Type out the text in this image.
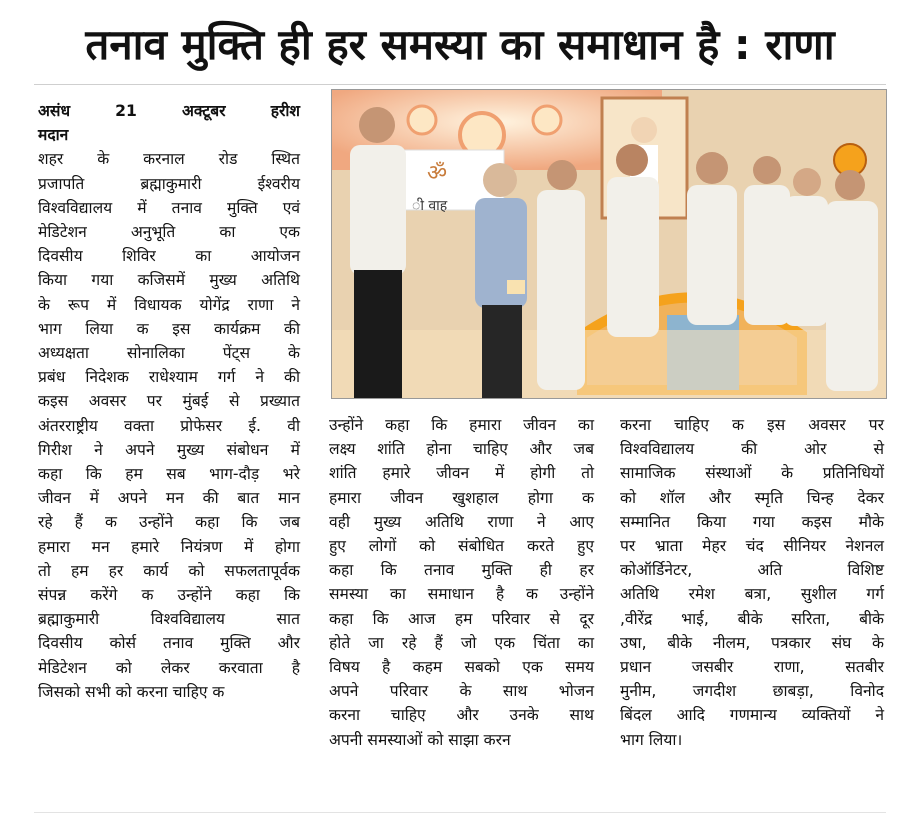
तनाव मुक्ति ही हर समस्या का समाधान है : राणा
असंध 21 अक्टूबर हरीश
मदान
शहर के करनाल रोड स्थित
प्रजापति ब्रह्माकुमारी ईश्वरीय
विश्वविद्यालय में तनाव मुक्ति एवं
मेडिटेशन अनुभूति का एक
दिवसीय शिविर का आयोजन
किया गया कजिसमें मुख्य अतिथि
के रूप में विधायक योगेंद्र राणा ने
भाग लिया क इस कार्यक्रम की
अध्यक्षता सोनालिका पेंट्स के
प्रबंध निदेशक राधेश्याम गर्ग ने की
कइस अवसर पर मुंबई से प्रख्यात
अंतरराष्ट्रीय वक्ता प्रोफेसर ई. वी
गिरीश ने अपने मुख्य संबोधन में
कहा कि हम सब भाग-दौड़ भरे
जीवन में अपने मन की बात मान
रहे हैं क उन्होंने कहा कि जब
हमारा मन हमारे नियंत्रण में होगा
तो हम हर कार्य को सफलतापूर्वक
संपन्न करेंगे क उन्होंने कहा कि
ब्रह्माकुमारी विश्वविद्यालय सात
दिवसीय कोर्स तनाव मुक्ति और
मेडिटेशन को लेकर करवाता है
जिसको सभी को करना चाहिए क
उन्होंने कहा कि हमारा जीवन का
लक्ष्य शांति होना चाहिए और जब
शांति हमारे जीवन में होगी तो
हमारा जीवन खुशहाल होगा क
वही मुख्य अतिथि राणा ने आए
हुए लोगों को संबोधित करते हुए
कहा कि तनाव मुक्ति ही हर
समस्या का समाधान है क उन्होंने
कहा कि आज हम परिवार से दूर
होते जा रहे हैं जो एक चिंता का
विषय है कहम सबको एक समय
अपने परिवार के साथ भोजन
करना चाहिए और उनके साथ
अपनी समस्याओं को साझा करन
करना चाहिए क इस अवसर पर
विश्वविद्यालय की ओर से
सामाजिक संस्थाओं के प्रतिनिधियों
को शॉल और स्मृति चिन्ह देकर
सम्मानित किया गया कइस मौके
पर भ्राता मेहर चंद सीनियर नेशनल
कोऑर्डिनेटर, अति विशिष्ट
अतिथि रमेश बत्रा, सुशील गर्ग
,वीरेंद्र भाई, बीके सरिता, बीके
उषा, बीके नीलम, पत्रकार संघ के
प्रधान जसबीर राणा, सतबीर
मुनीम, जगदीश छाबड़ा, विनोद
बिंदल आदि गणमान्य व्यक्तियों ने
भाग लिया।
ॐ
ी वाह
